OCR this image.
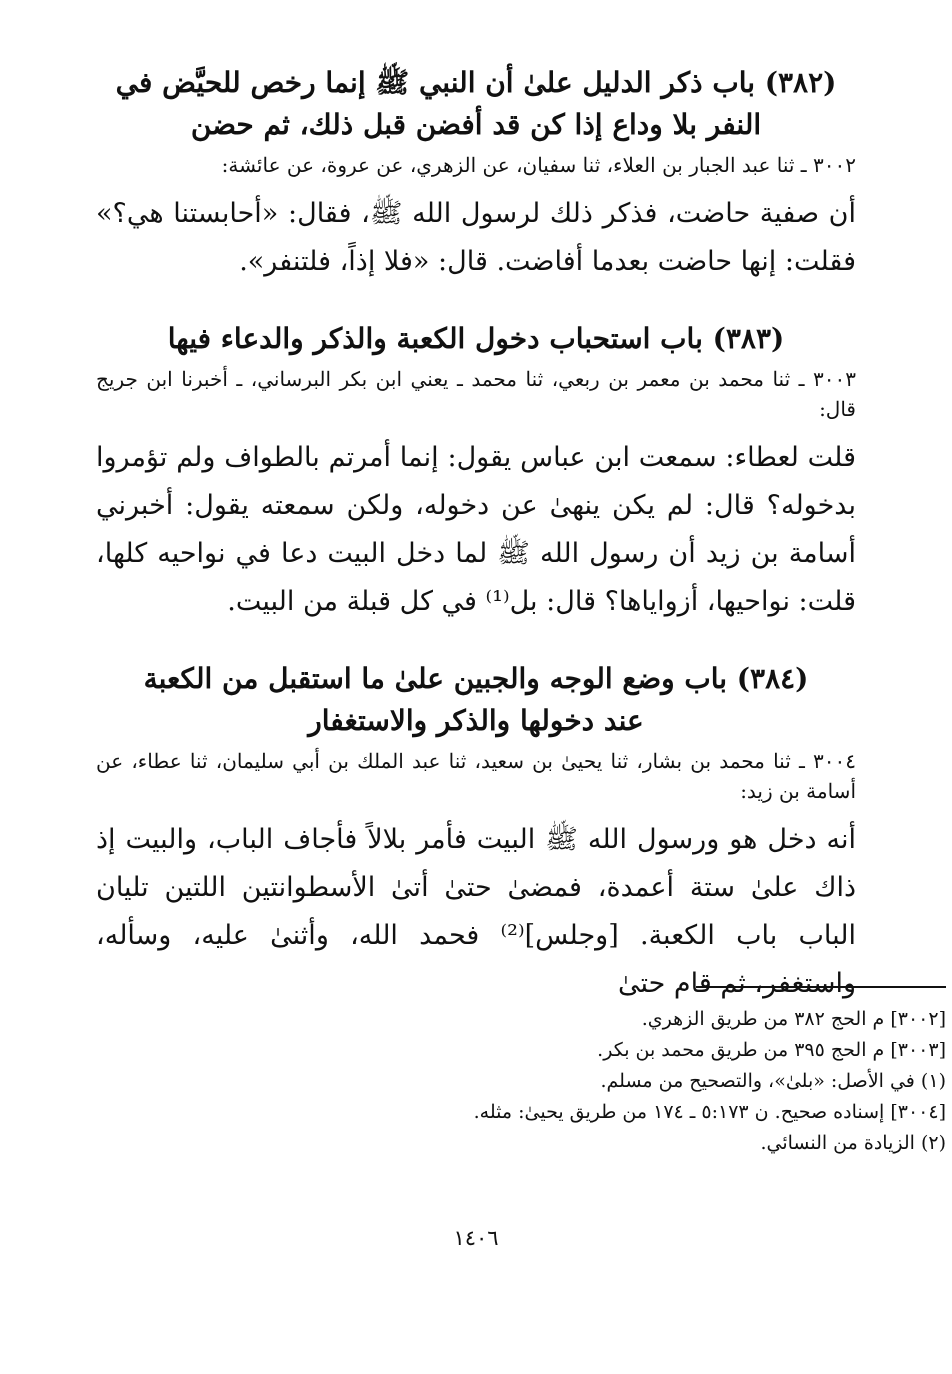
(٣٨٢) باب ذكر الدليل علىٰ أن النبي ﷺ إنما رخص للحيَّض في
النفر بلا وداع إذا كن قد أفضن قبل ذلك، ثم حضن
٣٠٠٢ ـ ثنا عبد الجبار بن العلاء، ثنا سفيان، عن الزهري، عن عروة، عن عائشة:

أن صفية حاضت، فذكر ذلك لرسول الله ﷺ، فقال: «أحابستنا هي؟» فقلت: إنها حاضت بعدما أفاضت. قال: «فلا إذاً، فلتنفر».

(٣٨٣) باب استحباب دخول الكعبة والذكر والدعاء فيها
٣٠٠٣ ـ ثنا محمد بن معمر بن ربعي، ثنا محمد ـ يعني ابن بكر البرساني، ـ أخبرنا ابن جريج قال:

قلت لعطاء: سمعت ابن عباس يقول: إنما أمرتم بالطواف ولم تؤمروا بدخوله؟ قال: لم يكن ينهىٰ عن دخوله، ولكن سمعته يقول: أخبرني أسامة بن زيد أن رسول الله ﷺ لما دخل البيت دعا في نواحيه كلها، قلت: نواحيها، أزواياها؟ قال: بل⁽¹⁾ في كل قبلة من البيت.

(٣٨٤) باب وضع الوجه والجبين علىٰ ما استقبل من الكعبة
عند دخولها والذكر والاستغفار
٣٠٠٤ ـ ثنا محمد بن بشار، ثنا يحيىٰ بن سعيد، ثنا عبد الملك بن أبي سليمان، ثنا عطاء، عن أسامة بن زيد:

أنه دخل هو ورسول الله ﷺ البيت فأمر بلالاً فأجاف الباب، والبيت إذ ذاك علىٰ ستة أعمدة، فمضىٰ حتىٰ أتىٰ الأسطوانتين اللتين تليان الباب باب الكعبة. [وجلس]⁽²⁾ فحمد الله، وأثنىٰ عليه، وسأله، واستغفر، ثم قام حتىٰ

[٣٠٠٢] م الحج ٣٨٢ من طريق الزهري.
[٣٠٠٣] م الحج ٣٩٥ من طريق محمد بن بكر.
(١) في الأصل: «بلىٰ»، والتصحيح من مسلم.
[٣٠٠٤] إسناده صحيح. ن ٥:١٧٣ ـ ١٧٤ من طريق يحيىٰ: مثله.
(٢) الزيادة من النسائي.
١٤٠٦
